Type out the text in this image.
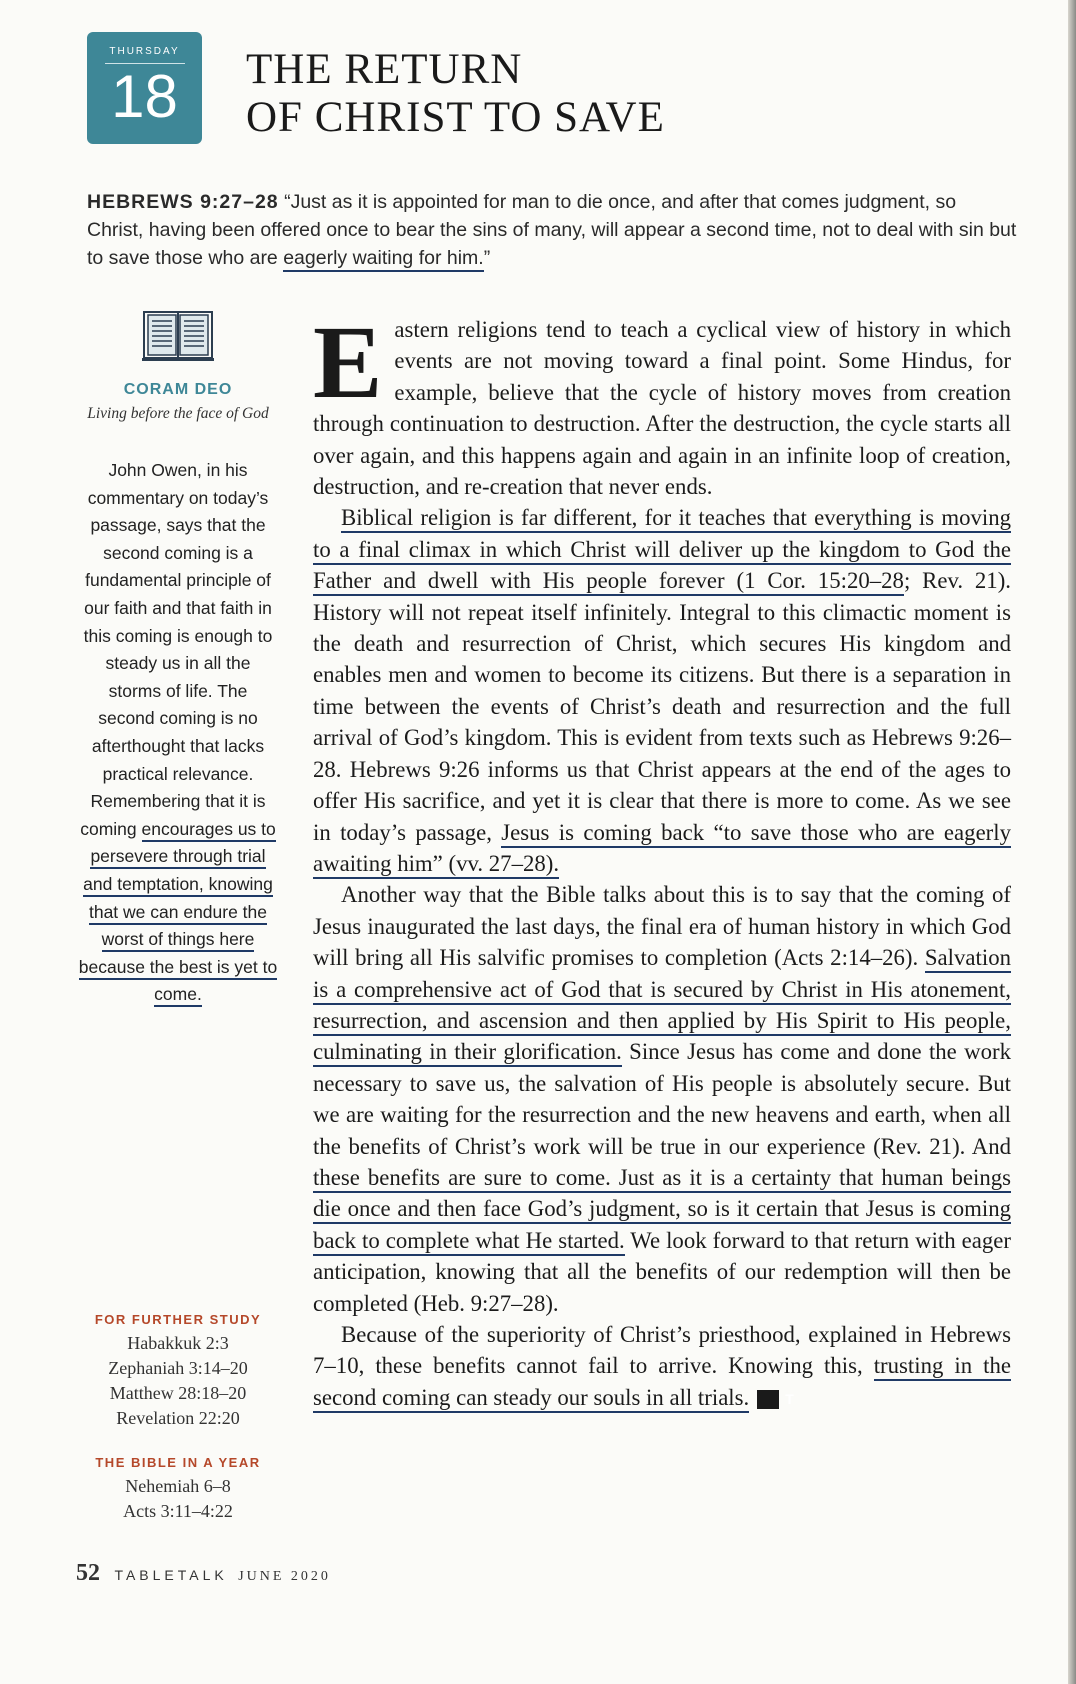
THURSDAY
18	THE RETURN
OF CHRIST TO SAVE
HEBREWS 9:27–28 “Just as it is appointed for man to die once, and after that comes judgment, so Christ, having been offered once to bear the sins of many, will appear a second time, not to deal with sin but to save those who are eagerly waiting for him.”
CORAM DEO
Living before the face of God
John Owen, in his commentary on today’s passage, says that the second coming is a fundamental principle of our faith and that faith in this coming is enough to steady us in all the storms of life. The second coming is no afterthought that lacks practical relevance. Remembering that it is coming encourages us to persevere through trial and temptation, knowing that we can endure the worst of things here because the best is yet to come.
FOR FURTHER STUDY
Habakkuk 2:3
Zephaniah 3:14–20
Matthew 28:18–20
Revelation 22:20
THE BIBLE IN A YEAR
Nehemiah 6–8
Acts 3:11–4:22

Eastern religions tend to teach a cyclical view of history in which events are not moving toward a final point. Some Hindus, for example, believe that the cycle of history moves from creation through continuation to destruction. After the destruction, the cycle starts all over again, and this happens again and again in an infinite loop of creation, destruction, and re-creation that never ends.

Biblical religion is far different, for it teaches that everything is moving to a final climax in which Christ will deliver up the kingdom to God the Father and dwell with His people forever (1 Cor. 15:20–28; Rev. 21). History will not repeat itself infinitely. Integral to this climactic moment is the death and resurrection of Christ, which secures His kingdom and enables men and women to become its citizens. But there is a separation in time between the events of Christ’s death and resurrection and the full arrival of God’s kingdom. This is evident from texts such as Hebrews 9:26–28. Hebrews 9:26 informs us that Christ appears at the end of the ages to offer His sacrifice, and yet it is clear that there is more to come. As we see in today’s passage, Jesus is coming back “to save those who are eagerly awaiting him” (vv. 27–28).

Another way that the Bible talks about this is to say that the coming of Jesus inaugurated the last days, the final era of human history in which God will bring all His salvific promises to completion (Acts 2:14–26). Salvation is a comprehensive act of God that is secured by Christ in His atonement, resurrection, and ascension and then applied by His Spirit to His people, culminating in their glorification. Since Jesus has come and done the work necessary to save us, the salvation of His people is absolutely secure. But we are waiting for the resurrection and the new heavens and earth, when all the benefits of Christ’s work will be true in our experience (Rev. 21). And these benefits are sure to come. Just as it is a certainty that human beings die once and then face God’s judgment, so is it certain that Jesus is coming back to complete what He started. We look forward to that return with eager anticipation, knowing that all the benefits of our redemption will then be completed (Heb. 9:27–28).

Because of the superiority of Christ’s priesthood, explained in Hebrews 7–10, these benefits cannot fail to arrive. Knowing this, trusting in the second coming can steady our souls in all trials.	T

52 TABLETALK JUNE 2020
